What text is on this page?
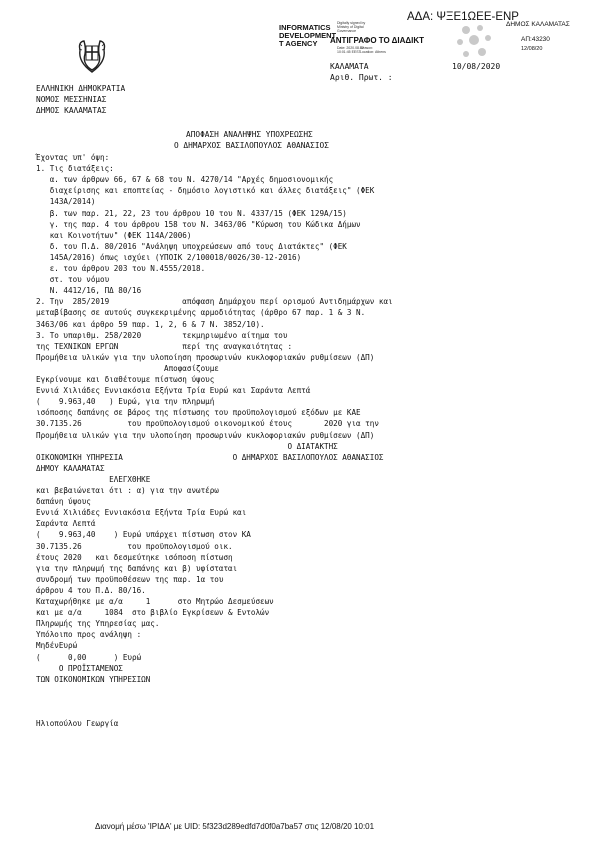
ΑΔΑ: ΨΞΕ1ΩΕΕ-ΕΝΡ
INFORMATICS
DEVELOPMENT
T AGENCY
Digitally signed by
Ministry of Digital
Governance
Date: 2020.08.12
10:01:45 EEST
Reason:
Location: Athens
ΑΝΤΙΓΡΑΦΟ ΤΟ ΔΙΑΔΙΚΤ
ΔΗΜΟΣ ΚΑΛΑΜΑΤΑΣ
ΑΠ:43230
12/08/20
ΚΑΛΑΜΑΤΑ	10/08/2020
Αριθ. Πρωτ. :
ΕΛΛΗΝΙΚΗ ΔΗΜΟΚΡΑΤΙΑ
ΝΟΜΟΣ ΜΕΣΣΗΝΙΑΣ
ΔΗΜΟΣ ΚΑΛΑΜΑΤΑΣ
ΑΠΟΦΑΣΗ ΑΝΑΛΗΨΗΣ ΥΠΟΧΡΕΩΣΗΣ
Ο ΔΗΜΑΡΧΟΣ ΒΑΣΙΛΟΠΟΥΛΟΣ ΑΘΑΝΑΣΙΟΣ
Έχοντας υπ' όψη:
1. Τις διατάξεις:
α. των άρθρων 66, 67 & 68 του Ν. 4270/14 "Αρχές δημοσιονομικής
διαχείρισης και εποπτείας - δημόσιο λογιστικό και άλλες διατάξεις" (ΦΕΚ
143Α/2014)
β. των παρ. 21, 22, 23 του άρθρου 10 του Ν. 4337/15 (ΦΕΚ 129Α/15)
γ. της παρ. 4 του άρθρου 158 του Ν. 3463/06 "Κύρωση του Κώδικα Δήμων
και Κοινοτήτων" (ΦΕΚ 114Α/2006)
δ. του Π.Δ. 80/2016 "Ανάληψη υποχρεώσεων από τους Διατάκτες" (ΦΕΚ
145Α/2016) όπως ισχύει (ΥΠΟΙΚ 2/100018/0026/30-12-2016)
ε. του άρθρου 203 του Ν.4555/2018.
στ. του νόμου
Ν. 4412/16, ΠΔ 80/16
2. Την  285/2019                απόφαση Δημάρχου περί ορισμού Αντιδημάρχων και
μεταβίβασης σε αυτούς συγκεκριμένης αρμοδιότητας (άρθρο 67 παρ. 1 & 3 Ν.
3463/06 και άρθρο 59 παρ. 1, 2, 6 & 7 Ν. 3852/10).
3. Το υπαριθμ. 258/2020         τεκμηριωμένο αίτημα του
της ΤΕΧΝΙΚΩΝ ΕΡΓΩΝ              περί της αναγκαιότητας :
Προμήθεια υλικών για την υλοποίηση προσωρινών κυκλοφοριακών ρυθμίσεων (ΔΠ)
Αποφασίζουμε
Εγκρίνουμε και διαθέτουμε πίστωση ύψους
Εννιά Χιλιάδες Εννιακόσια Εξήντα Τρία Ευρώ και Σαράντα Λεπτά
(    9.963,40   ) Ευρώ, για την πληρωμή
ισόποσης δαπάνης σε βάρος της πίστωσης του προϋπολογισμού εξόδων με ΚΑΕ
30.7135.26          του προϋπολογισμού οικονομικού έτους       2020 για την
Προμήθεια υλικών για την υλοποίηση προσωρινών κυκλοφοριακών ρυθμίσεων (ΔΠ)
Ο ΔΙΑΤΑΚΤΗΣ
ΟΙΚΟΝΟΜΙΚΗ ΥΠΗΡΕΣΙΑ                        Ο ΔΗΜΑΡΧΟΣ ΒΑΣΙΛΟΠΟΥΛΟΣ ΑΘΑΝΑΣΙΟΣ
ΔΗΜΟΥ ΚΑΛΑΜΑΤΑΣ
ΕΛΕΓΧΘΗΚΕ
και βεβαιώνεται ότι : α) για την ανωτέρω
δαπάνη ύψους
Εννιά Χιλιάδες Εννιακόσια Εξήντα Τρία Ευρώ και
Σαράντα Λεπτά
(    9.963,40    ) Ευρώ υπάρχει πίστωση στον ΚΑ
30.7135.26          του προϋπολογισμού οικ.
έτους 2020   και δεσμεύτηκε ισόποση πίστωση
για την πληρωμή της δαπάνης και β) υφίσταται
συνδρομή των προϋποθέσεων της παρ. 1α του
άρθρου 4 του Π.Δ. 80/16.
Καταχωρήθηκε με α/α     1      στο Μητρώο Δεσμεύσεων
και με α/α     1084  στο βιβλίο Εγκρίσεων & Εντολών
Πληρωμής της Υπηρεσίας μας.
Υπόλοιπο προς ανάληψη :
ΜηδένΕυρώ
(      0,00      ) Ευρώ
Ο ΠΡΟΪΣΤΑΜΕΝΟΣ
ΤΩΝ ΟΙΚΟΝΟΜΙΚΩΝ ΥΠΗΡΕΣΙΩΝ
Ηλιοπούλου Γεωργία
Διανομή μέσω 'ΙΡΙΔΑ' με UID: 5f323d289edfd7d0f0a7ba57 στις 12/08/20 10:01
